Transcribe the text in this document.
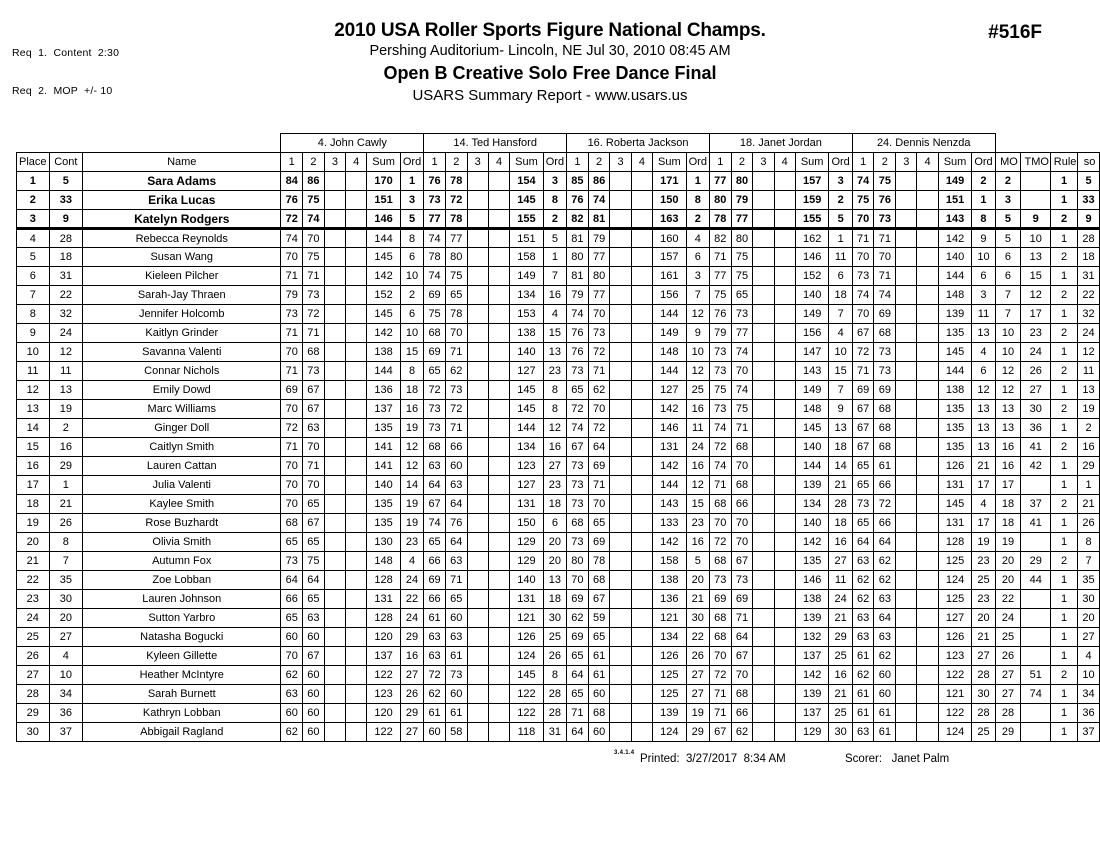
Req  1.  Content  2:30

Req  2.  MOP  +/- 10

2010 USA Roller Sports Figure National Champs.
Pershing Auditorium- Lincoln, NE Jul 30, 2010 08:45 AM
Open B Creative Solo Free Dance Final
USARS Summary Report - www.usars.us
#516F
			4. John Cawly						14. Ted Hansford						16. Roberta Jackson						18. Janet Jordan						24. Dennis Nenzda									
Place	Cont	Name	1	2	3	4	Sum	Ord	1	2	3	4	Sum	Ord	1	2	3	4	Sum	Ord	1	2	3	4	Sum	Ord	1	2	3	4	Sum	Ord	MO	TMO	Rule	so
1	5	Sara Adams	84	86			170	1	76	78			154	3	85	86			171	1	77	80			157	3	74	75			149	2	2		1	5
2	33	Erika Lucas	76	75			151	3	73	72			145	8	76	74			150	8	80	79			159	2	75	76			151	1	3		1	33
3	9	Katelyn Rodgers	72	74			146	5	77	78			155	2	82	81			163	2	78	77			155	5	70	73			143	8	5	9	2	9
4	28	Rebecca Reynolds	74	70			144	8	74	77			151	5	81	79			160	4	82	80			162	1	71	71			142	9	5	10	1	28
5	18	Susan Wang	70	75			145	6	78	80			158	1	80	77			157	6	71	75			146	11	70	70			140	10	6	13	2	18
6	31	Kieleen Pilcher	71	71			142	10	74	75			149	7	81	80			161	3	77	75			152	6	73	71			144	6	6	15	1	31
7	22	Sarah-Jay Thraen	79	73			152	2	69	65			134	16	79	77			156	7	75	65			140	18	74	74			148	3	7	12	2	22
8	32	Jennifer Holcomb	73	72			145	6	75	78			153	4	74	70			144	12	76	73			149	7	70	69			139	11	7	17	1	32
9	24	Kaitlyn Grinder	71	71			142	10	68	70			138	15	76	73			149	9	79	77			156	4	67	68			135	13	10	23	2	24
10	12	Savanna Valenti	70	68			138	15	69	71			140	13	76	72			148	10	73	74			147	10	72	73			145	4	10	24	1	12
11	11	Connar Nichols	71	73			144	8	65	62			127	23	73	71			144	12	73	70			143	15	71	73			144	6	12	26	2	11
12	13	Emily Dowd	69	67			136	18	72	73			145	8	65	62			127	25	75	74			149	7	69	69			138	12	12	27	1	13
13	19	Marc Williams	70	67			137	16	73	72			145	8	72	70			142	16	73	75			148	9	67	68			135	13	13	30	2	19
14	2	Ginger Doll	72	63			135	19	73	71			144	12	74	72			146	11	74	71			145	13	67	68			135	13	13	36	1	2
15	16	Caitlyn Smith	71	70			141	12	68	66			134	16	67	64			131	24	72	68			140	18	67	68			135	13	16	41	2	16
16	29	Lauren Cattan	70	71			141	12	63	60			123	27	73	69			142	16	74	70			144	14	65	61			126	21	16	42	1	29
17	1	Julia Valenti	70	70			140	14	64	63			127	23	73	71			144	12	71	68			139	21	65	66			131	17	17		1	1
18	21	Kaylee Smith	70	65			135	19	67	64			131	18	73	70			143	15	68	66			134	28	73	72			145	4	18	37	2	21
19	26	Rose Buzhardt	68	67			135	19	74	76			150	6	68	65			133	23	70	70			140	18	65	66			131	17	18	41	1	26
20	8	Olivia Smith	65	65			130	23	65	64			129	20	73	69			142	16	72	70			142	16	64	64			128	19	19		1	8
21	7	Autumn Fox	73	75			148	4	66	63			129	20	80	78			158	5	68	67			135	27	63	62			125	23	20	29	2	7
22	35	Zoe Lobban	64	64			128	24	69	71			140	13	70	68			138	20	73	73			146	11	62	62			124	25	20	44	1	35
23	30	Lauren Johnson	66	65			131	22	66	65			131	18	69	67			136	21	69	69			138	24	62	63			125	23	22		1	30
24	20	Sutton Yarbro	65	63			128	24	61	60			121	30	62	59			121	30	68	71			139	21	63	64			127	20	24		1	20
25	27	Natasha Bogucki	60	60			120	29	63	63			126	25	69	65			134	22	68	64			132	29	63	63			126	21	25		1	27
26	4	Kyleen Gillette	70	67			137	16	63	61			124	26	65	61			126	26	70	67			137	25	61	62			123	27	26		1	4
27	10	Heather McIntyre	62	60			122	27	72	73			145	8	64	61			125	27	72	70			142	16	62	60			122	28	27	51	2	10
28	34	Sarah Burnett	63	60			123	26	62	60			122	28	65	60			125	27	71	68			139	21	61	60			121	30	27	74	1	34
29	36	Kathryn Lobban	60	60			120	29	61	61			122	28	71	68			139	19	71	66			137	25	61	61			122	28	28		1	36
30	37	Abbigail Ragland	62	60			122	27	60	58			118	31	64	60			124	29	67	62			129	30	63	61			124	25	29		1	37
3.4.1.4 Printed:  3/27/2017  8:34 AM	Scorer:   Janet Palm
